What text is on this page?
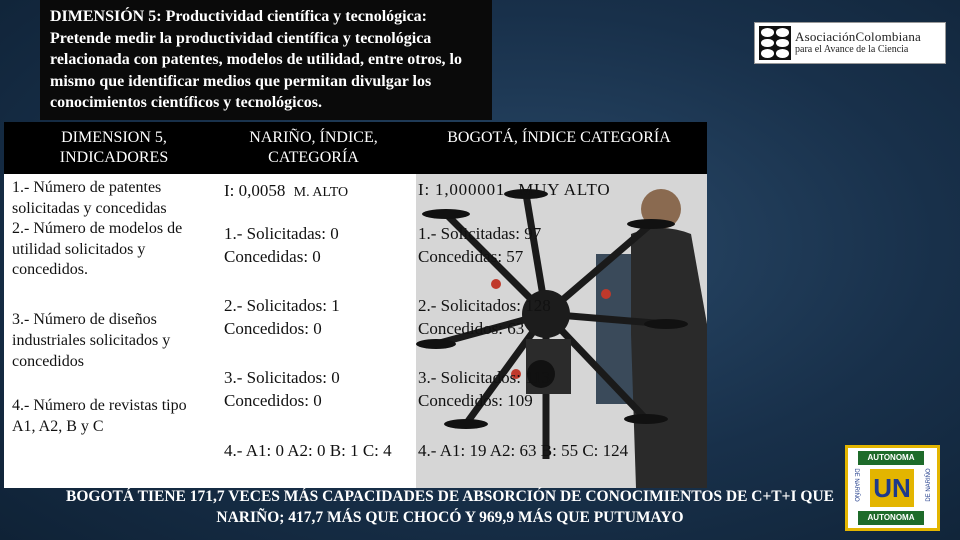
DIMENSIÓN 5: Productividad científica y tecnológica: Pretende medir la productividad científica y tecnológica relacionada con patentes, modelos de utilidad, entre otros, lo mismo que identificar medios que permitan divulgar los conocimientos científicos y tecnológicos.
AsociaciónColombiana
para el Avance de la Ciencia
DIMENSION 5, INDICADORES
NARIÑO, ÍNDICE, CATEGORÍA
BOGOTÁ, ÍNDICE CATEGORÍA
1.- Número de patentes solicitadas y concedidas
2.- Número de modelos de utilidad solicitados y concedidos.
3.- Número de diseños industriales solicitados y concedidos
4.- Número de revistas tipo A1, A2, B y C
I: 0,0058 M. ALTO
1.- Solicitadas: 0 Concedidas: 0
2.- Solicitados: 1 Concedidos: 0
3.- Solicitados: 0 Concedidos: 0
4.- A1: 0 A2: 0 B: 1 C: 4
I: 1,000001 MUY ALTO
1.- Solicitadas: 97 Concedidas: 57
2.- Solicitados: 128 Concedidos: 63
3.- Solicitados: 113 Concedidos: 109
4.- A1: 19 A2: 63 B: 55 C: 124
BOGOTÁ TIENE 171,7 VECES MÁS CAPACIDADES DE ABSORCIÓN DE CONOCIMIENTOS DE C+T+I QUE NARIÑO; 417,7 MÁS QUE CHOCÓ Y 969,9 MÁS QUE PUTUMAYO
AUTONOMA
UN
AUTONOMA
DE NARIÑO	DE NARIÑO
